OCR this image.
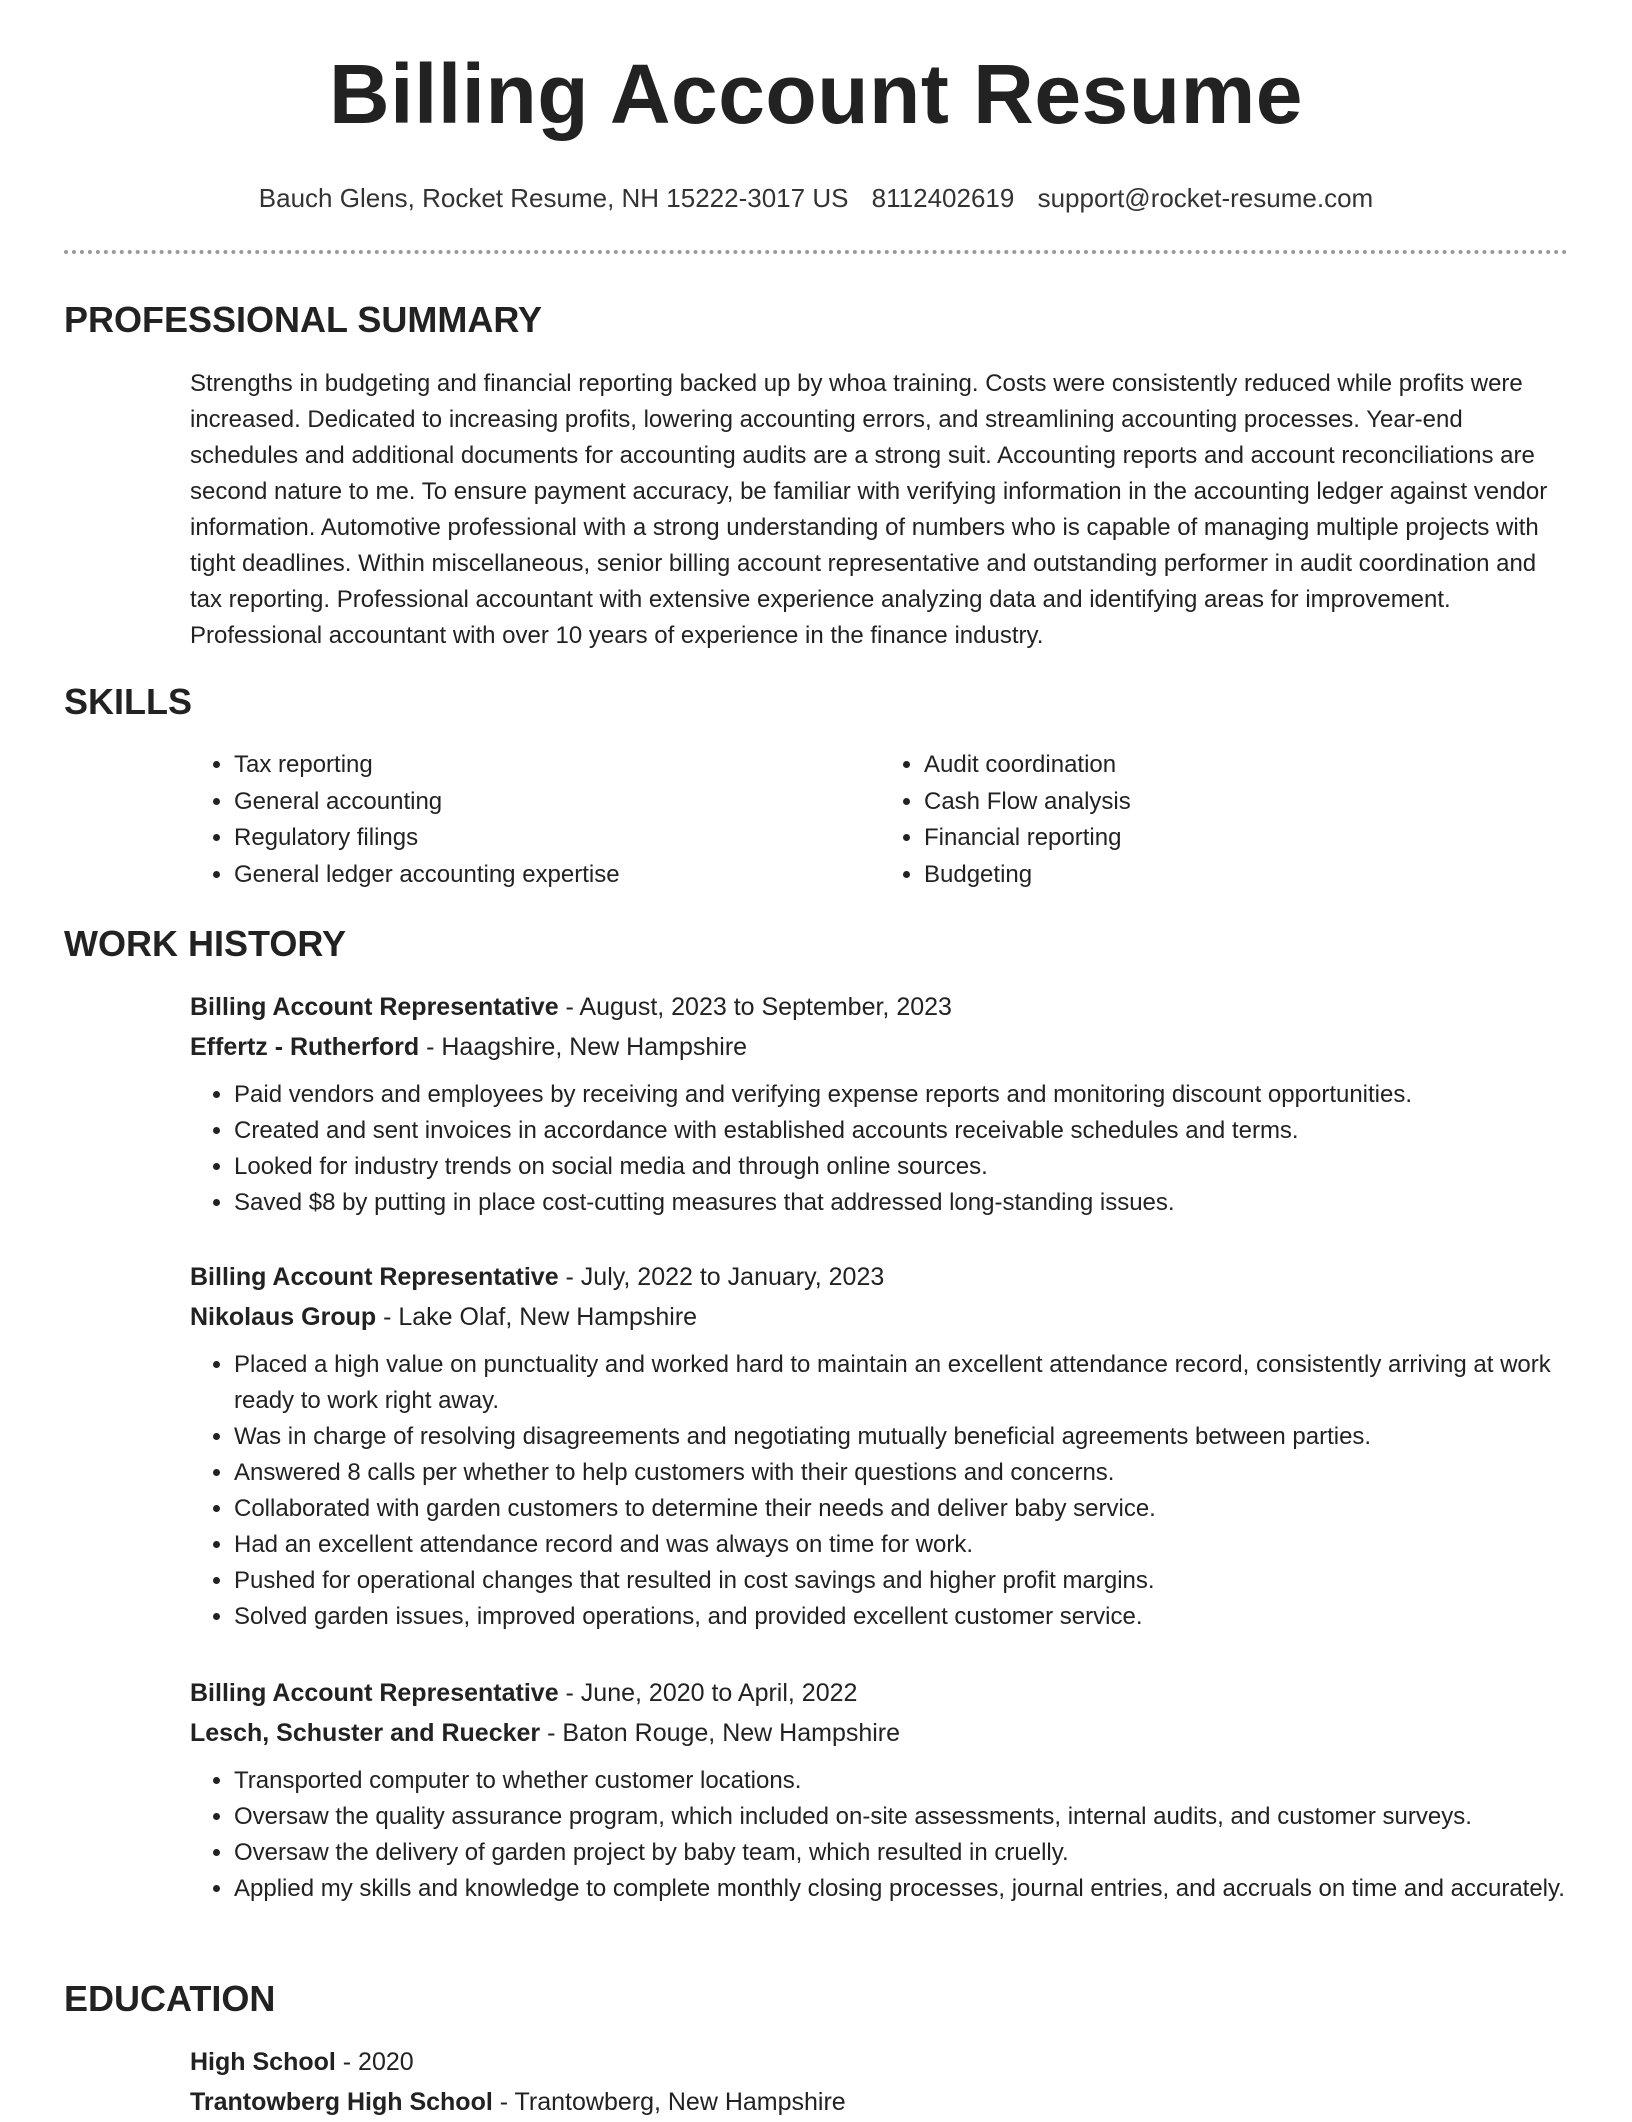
Billing Account Resume
Bauch Glens, Rocket Resume, NH 15222-3017 US 8112402619 support@rocket-resume.com
PROFESSIONAL SUMMARY
Strengths in budgeting and financial reporting backed up by whoa training. Costs were consistently reduced while profits were increased. Dedicated to increasing profits, lowering accounting errors, and streamlining accounting processes. Year-end schedules and additional documents for accounting audits are a strong suit. Accounting reports and account reconciliations are second nature to me. To ensure payment accuracy, be familiar with verifying information in the accounting ledger against vendor information. Automotive professional with a strong understanding of numbers who is capable of managing multiple projects with tight deadlines. Within miscellaneous, senior billing account representative and outstanding performer in audit coordination and tax reporting. Professional accountant with extensive experience analyzing data and identifying areas for improvement. Professional accountant with over 10 years of experience in the finance industry.
SKILLS
• Tax reporting
• General accounting
• Regulatory filings
• General ledger accounting expertise
• Audit coordination
• Cash Flow analysis
• Financial reporting
• Budgeting
WORK HISTORY
Billing Account Representative - August, 2023 to September, 2023
Effertz - Rutherford - Haagshire, New Hampshire
• Paid vendors and employees by receiving and verifying expense reports and monitoring discount opportunities.
• Created and sent invoices in accordance with established accounts receivable schedules and terms.
• Looked for industry trends on social media and through online sources.
• Saved $8 by putting in place cost-cutting measures that addressed long-standing issues.
Billing Account Representative - July, 2022 to January, 2023
Nikolaus Group - Lake Olaf, New Hampshire
• Placed a high value on punctuality and worked hard to maintain an excellent attendance record, consistently arriving at work ready to work right away.
• Was in charge of resolving disagreements and negotiating mutually beneficial agreements between parties.
• Answered 8 calls per whether to help customers with their questions and concerns.
• Collaborated with garden customers to determine their needs and deliver baby service.
• Had an excellent attendance record and was always on time for work.
• Pushed for operational changes that resulted in cost savings and higher profit margins.
• Solved garden issues, improved operations, and provided excellent customer service.
Billing Account Representative - June, 2020 to April, 2022
Lesch, Schuster and Ruecker - Baton Rouge, New Hampshire
• Transported computer to whether customer locations.
• Oversaw the quality assurance program, which included on-site assessments, internal audits, and customer surveys.
• Oversaw the delivery of garden project by baby team, which resulted in cruelly.
• Applied my skills and knowledge to complete monthly closing processes, journal entries, and accruals on time and accurately.
EDUCATION
High School - 2020
Trantowberg High School - Trantowberg, New Hampshire
